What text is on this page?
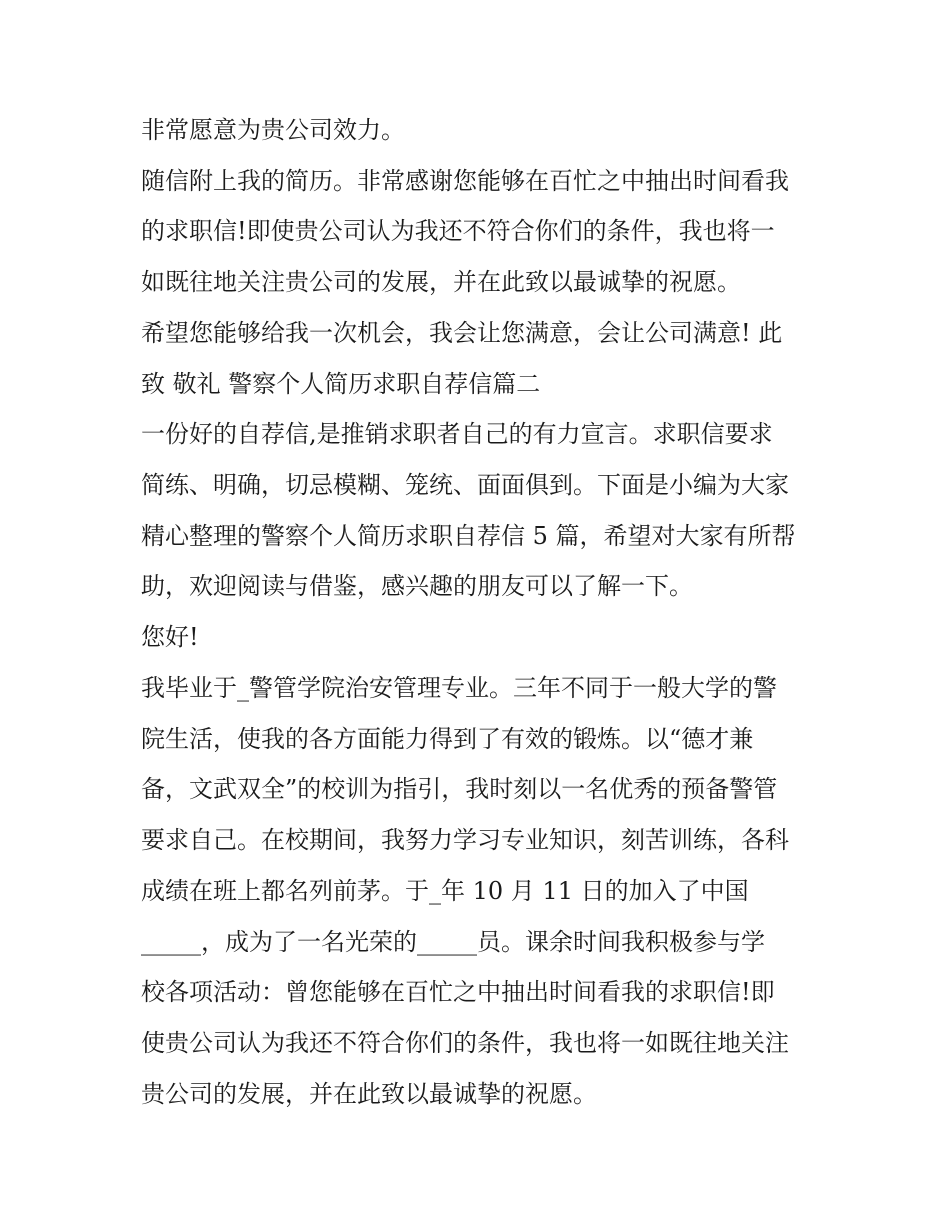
非常愿意为贵公司效力。
随信附上我的简历。非常感谢您能够在百忙之中抽出时间看我
的求职信!即使贵公司认为我还不符合你们的条件，我也将一
如既往地关注贵公司的发展，并在此致以最诚挚的祝愿。
希望您能够给我一次机会，我会让您满意，会让公司满意! 此
致 敬礼 警察个人简历求职自荐信篇二
一份好的自荐信,是推销求职者自己的有力宣言。求职信要求
简练、明确，切忌模糊、笼统、面面俱到。下面是小编为大家
精心整理的警察个人简历求职自荐信 5 篇，希望对大家有所帮
助，欢迎阅读与借鉴，感兴趣的朋友可以了解一下。
您好!
我毕业于_警管学院治安管理专业。三年不同于一般大学的警
院生活，使我的各方面能力得到了有效的锻炼。以“德才兼
备，文武双全”的校训为指引，我时刻以一名优秀的预备警管
要求自己。在校期间，我努力学习专业知识，刻苦训练，各科
成绩在班上都名列前茅。于_年 10 月 11 日的加入了中国
_____，成为了一名光荣的_____员。课余时间我积极参与学
校各项活动：曾您能够在百忙之中抽出时间看我的求职信!即
使贵公司认为我还不符合你们的条件，我也将一如既往地关注
贵公司的发展，并在此致以最诚挚的祝愿。
